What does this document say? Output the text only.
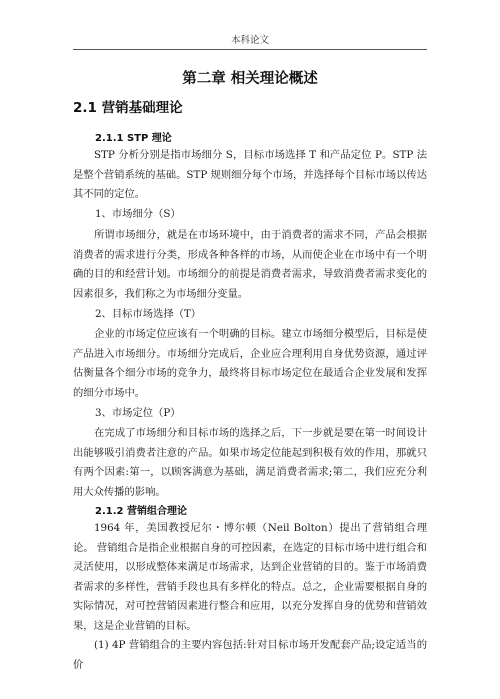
本科论文
第二章 相关理论概述
2.1 营销基础理论
2.1.1 STP 理论

STP 分析分别是指市场细分 S，目标市场选择 T 和产品定位 P。STP 法是整个营销系统的基础。STP 规则细分每个市场，并选择每个目标市场以传达其不同的定位。

1、市场细分（S）

所谓市场细分，就是在市场环境中，由于消费者的需求不同，产品会根据消费者的需求进行分类，形成各种各样的市场，从而使企业在市场中有一个明确的目的和经营计划。市场细分的前提是消费者需求，导致消费者需求变化的因素很多，我们称之为市场细分变量。

2、目标市场选择（T）

企业的市场定位应该有一个明确的目标。建立市场细分模型后，目标是使产品进入市场细分。市场细分完成后，企业应合理利用自身优势资源，通过评估衡量各个细分市场的竞争力，最终将目标市场定位在最适合企业发展和发挥的细分市场中。

3、市场定位（P）

在完成了市场细分和目标市场的选择之后，下一步就是要在第一时间设计出能够吸引消费者注意的产品。如果市场定位能起到积极有效的作用，那就只有两个因素:第一，以顾客满意为基础，满足消费者需求;第二，我们应充分利用大众传播的影响。

2.1.2 营销组合理论

1964 年，美国教授尼尔・博尔顿（Neil Bolton）提出了营销组合理论。 营销组合是指企业根据自身的可控因素，在选定的目标市场中进行组合和灵活使用，以形成整体来满足市场需求，达到企业营销的目的。鉴于市场消费者需求的多样性，营销手段也具有多样化的特点。总之，企业需要根据自身的实际情况，对可控营销因素进行整合和应用，以充分发挥自身的优势和营销效果，这是企业营销的目标。

(1) 4P 营销组合的主要内容包括:针对目标市场开发配套产品;设定适当的价
